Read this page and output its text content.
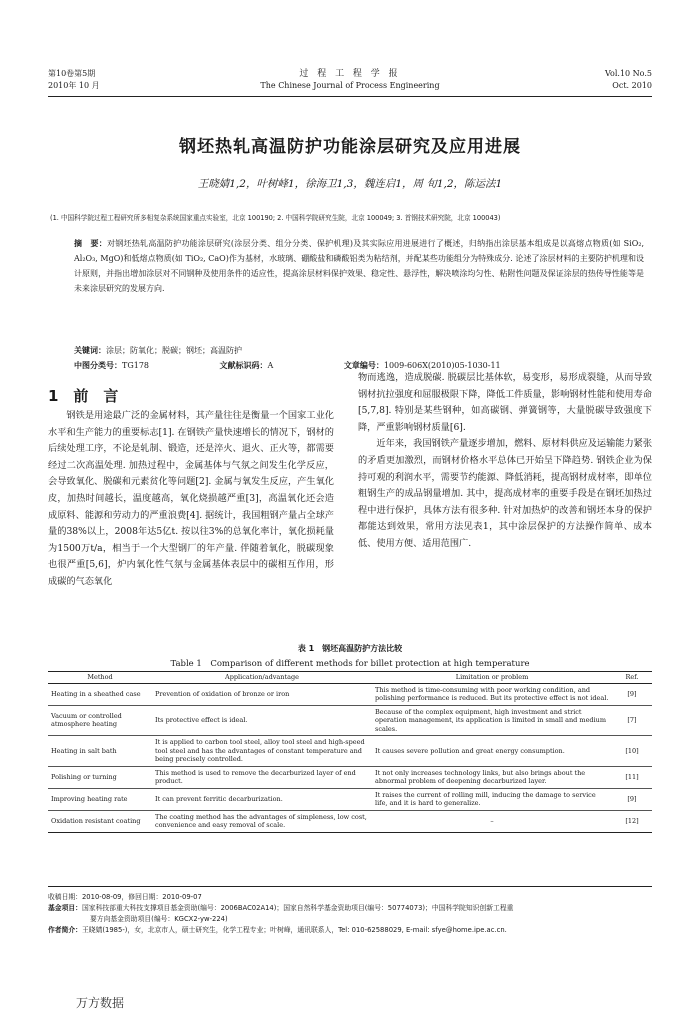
第10卷第5期
2010年 10 月
过 程 工 程 学 报
The Chinese Journal of Process Engineering
Vol.10 No.5
Oct. 2010
钢坯热轧高温防护功能涂层研究及应用进展
王晓婧1,2，叶树峰1，徐海卫1,3，魏连启1，周 旬1,2，陈运法1
(1. 中国科学院过程工程研究所多相复杂系统国家重点实验室，北京 100190; 2. 中国科学院研究生院，北京 100049; 3. 首钢技术研究院，北京 100043)
摘　要：对钢坯热轧高温防护功能涂层研究(涂层分类、组分分类、保护机理)及其实际应用进展进行了概述，归纳指出涂层基本组成是以高熔点物质(如 SiO₂, Al₂O₃, MgO)和低熔点物质(如 TiO₂, CaO)作为基材，水玻璃、硼酸盐和磷酸铝类为粘结剂，并配某些功能组分为特殊成分. 论述了涂层材料的主要防护机理和设计原则，并指出增加涂层对不同钢种及使用条件的适应性，提高涂层材料保护效果、稳定性、悬浮性，解决喷涂均匀性、粘附性问题及保证涂层的热传导性能等是未来涂层研究的发展方向.
关键词：涂层；防氧化；脱碳；钢坯；高温防护
中图分类号：TG178	文献标识码：A	文章编号：1009-606X(2010)05-1030-11
1　前　言

钢铁是用途最广泛的金属材料，其产量往往是衡量一个国家工业化水平和生产能力的重要标志[1]. 在钢铁产量快速增长的情况下，钢材的后续处理工序，不论是轧制、锻造，还是淬火、退火、正火等，都需要经过二次高温处理. 加热过程中，金属基体与气氛之间发生化学反应，会导致氧化、脱碳和元素贫化等问题[2]. 金属与氧发生反应，产生氧化皮，加热时间越长，温度越高，氧化烧损越严重[3]，高温氧化还会造成原料、能源和劳动力的严重浪费[4]. 据统计，我国粗钢产量占全球产量的38%以上，2008年达5亿t. 按以往3%的总氧化率计，氧化损耗量为1500万t/a，相当于一个大型钢厂的年产量. 伴随着氧化，脱碳现象也很严重[5,6]，炉内氧化性气氛与金属基体表层中的碳相互作用，形成碳的气态氧化

物而逃逸，造成脱碳. 脱碳层比基体软，易变形，易形成裂缝，从而导致钢材抗拉强度和屈服极限下降，降低工件质量，影响钢材性能和使用寿命[5,7,8]. 特别是某些钢种，如高碳钢、弹簧钢等，大量脱碳导致强度下降，严重影响钢材质量[6].

近年来，我国钢铁产量逐步增加，燃料、原材料供应及运输能力紧张的矛盾更加激烈，而钢材价格水平总体已开始呈下降趋势. 钢铁企业为保持可观的利润水平，需要节约能源、降低消耗，提高钢材成材率，即单位粗钢生产的成品钢量增加. 其中，提高成材率的重要手段是在钢坯加热过程中进行保护，具体方法有很多种. 针对加热炉的改善和钢坯本身的保护都能达到效果，常用方法见表1，其中涂层保护的方法操作简单、成本低、使用方便、适用范围广.

表 1　钢坯高温防护方法比较
Table 1　Comparison of different methods for billet protection at high temperature
Method	Application/advantage	Limitation or problem	Ref.
Heating in a sheathed case	Prevention of oxidation of bronze or iron	This method is time-consuming with poor working condition, and polishing performance is reduced. But its protective effect is not ideal.	[9]
Vacuum or controlled atmosphere heating	Its protective effect is ideal.	Because of the complex equipment, high investment and strict operation management, its application is limited in small and medium scales.	[7]
Heating in salt bath	It is applied to carbon tool steel, alloy tool steel and high-speed tool steel and has the advantages of constant temperature and being precisely controlled.	It causes severe pollution and great energy consumption.	[10]
Polishing or turning	This method is used to remove the decarburized layer of end product.	It not only increases technology links, but also brings about the abnormal problem of deepening decarburized layer.	[11]
Improving heating rate	It can prevent ferritic decarburization.	It raises the current of rolling mill, inducing the damage to service life, and it is hard to generalize.	[9]
Oxidation resistant coating	The coating method has the advantages of simpleness, low cost, convenience and easy removal of scale.	–	[12]
收稿日期：2010-08-09，修回日期：2010-09-07
基金项目：国家科技部重大科技支撑项目基金资助(编号：2006BAC02A14)；国家自然科学基金资助项目(编号：50774073)；中国科学院知识创新工程重
要方向基金资助项目(编号：KGCX2-yw-224)
作者简介：王晓婧(1985-)，女，北京市人，硕士研究生，化学工程专业；叶树峰，通讯联系人，Tel: 010-62588029, E-mail: sfye@home.ipe.ac.cn.
万方数据
